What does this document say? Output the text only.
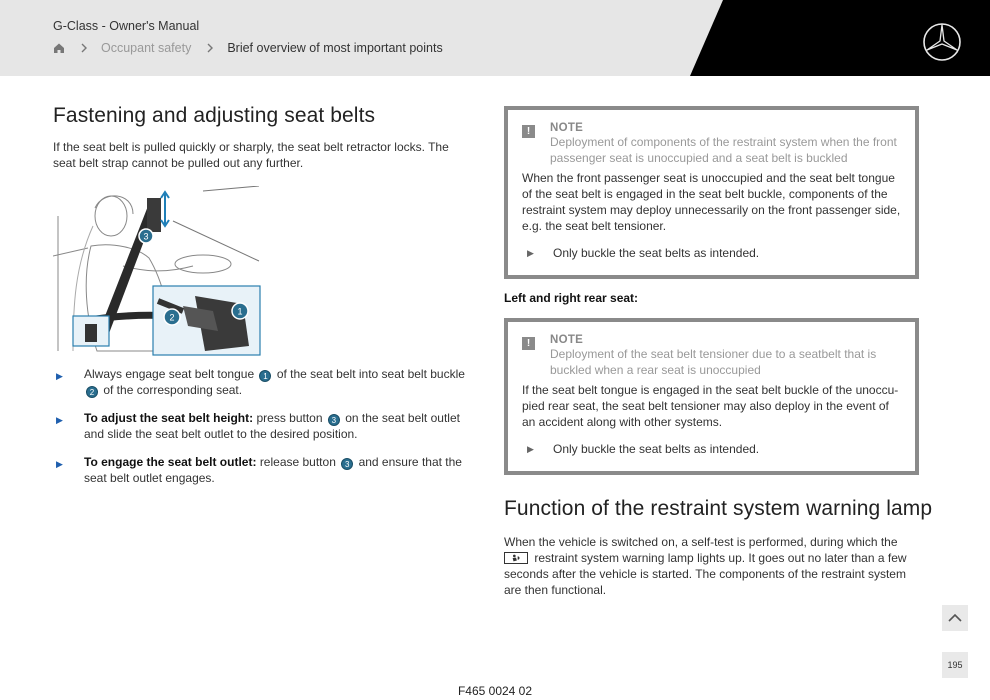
G-Class - Owner's Manual
Occupant safety	Brief overview of most important points
Fastening and adjusting seat belts

If the seat belt is pulled quickly or sharply, the seat belt retractor locks. The seat belt strap cannot be pulled out any further.

3
2
1
▶	Always engage seat belt tongue 1 of the seat belt into seat belt buckle 2 of the corresponding seat.
▶	To adjust the seat belt height: press button 3 on the seat belt outlet and slide the seat belt outlet to the desired position.
▶	To engage the seat belt outlet: release button 3 and ensure that the seat belt outlet engages.
!	NOTE
Deployment of components of the restraint system when the front passenger seat is unoccupied and a seat belt is buckled
When the front passenger seat is unoccupied and the seat belt tongue of the seat belt is engaged in the seat belt buckle, components of the restraint system may deploy unnecessarily on the front passenger side, e.g. the seat belt tensioner.
▶	Only buckle the seat belts as intended.
Left and right rear seat:
!	NOTE
Deployment of the seat belt tensioner due to a seatbelt that is buckled when a rear seat is unoccupied
If the seat belt tongue is engaged in the seat belt buckle of the unoccu-pied rear seat, the seat belt tensioner may also deploy in the event of an accident along with other systems.
▶	Only buckle the seat belts as intended.
Function of the restraint system warning lamp

When the vehicle is switched on, a self-test is performed, during which the  restraint system warning lamp lights up. It goes out no later than a few seconds after the vehicle is started. The components of the restraint system are then functional.

195
F465 0024 02
